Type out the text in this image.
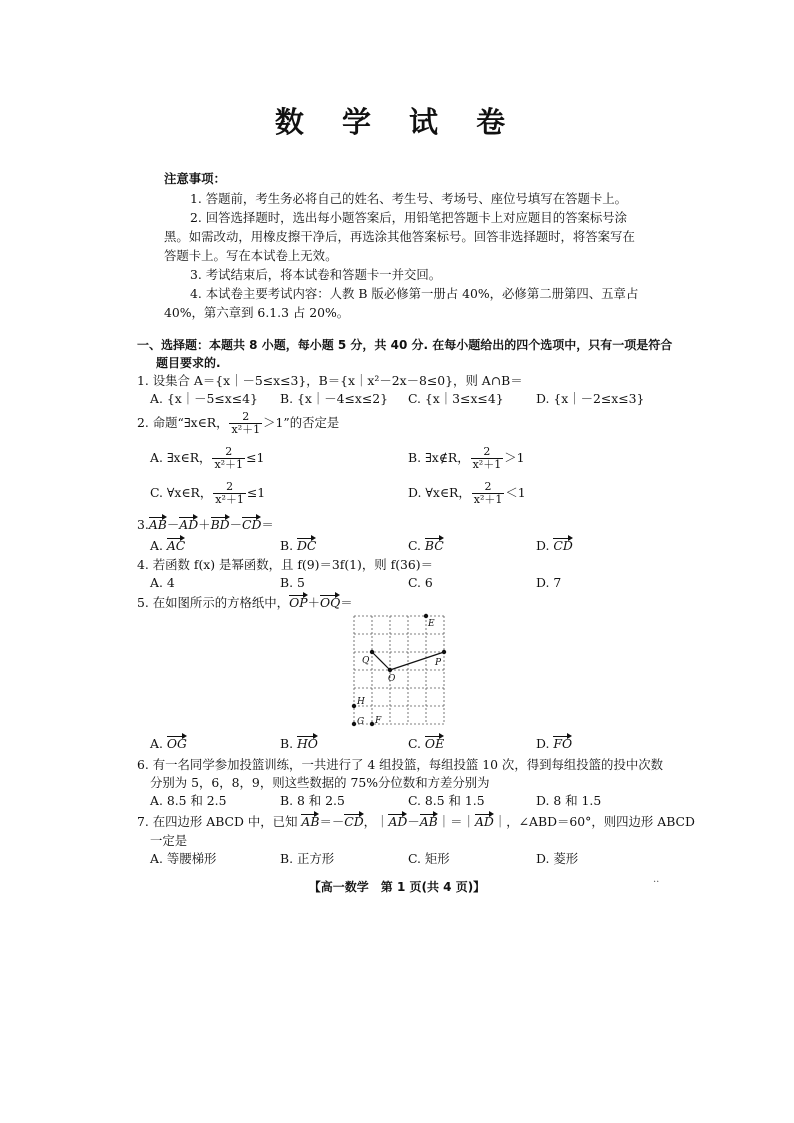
数 学 试 卷
注意事项：
1. 答题前，考生务必将自己的姓名、考生号、考场号、座位号填写在答题卡上。
2. 回答选择题时，选出每小题答案后，用铅笔把答题卡上对应题目的答案标号涂
黑。如需改动，用橡皮擦干净后，再选涂其他答案标号。回答非选择题时，将答案写在
答题卡上。写在本试卷上无效。
3. 考试结束后，将本试卷和答题卡一并交回。
4. 本试卷主要考试内容：人教 B 版必修第一册占 40%，必修第二册第四、五章占
40%，第六章到 6.1.3 占 20%。
一、选择题：本题共 8 小题，每小题 5 分，共 40 分. 在每小题给出的四个选项中，只有一项是符合
题目要求的.
1. 设集合 A＝{x｜－5≤x≤3}，B＝{x｜x²－2x－8≤0}，则 A∩B＝
A. {x｜－5≤x≤4} B. {x｜－4≤x≤2} C. {x｜3≤x≤4}	D. {x｜－2≤x≤3}
2. 命题“∃x∈R， $\frac{2}{\text{x²＋1}} >1$”的否定是
A. ∃x∈R， $\frac{2}{\text{x²＋1}} \le 1$	B. ∃x∉R， $\frac{2}{\text{x²＋1}} >1$
C. ∀x∈R， $\frac{2}{\text{x²＋1}} \le 1$	D. ∀x∈R， $\frac{2}{\text{x²＋1}} <1$
3.AB－AD＋BD－CD＝
A. AC	B. DC	C. BC	D. CD
4. 若函数 f(x) 是幂函数，且 f(9)＝3f(1)，则 f(36)＝
A. 4	B. 5	C. 6	D. 7
5. 在如图所示的方格纸中，OP＋OQ＝
E
Q	P
O
H
G F
A. OG	B. HO	C. OE	D. FO
6. 有一名同学参加投篮训练，一共进行了 4 组投篮，每组投篮 10 次，得到每组投篮的投中次数
分别为 5，6，8，9，则这些数据的 75%分位数和方差分别为
A. 8.5 和 2.5	B. 8 和 2.5	C. 8.5 和 1.5	D. 8 和 1.5
7. 在四边形 ABCD 中，已知 AB＝－CD，｜AD－AB｜＝｜AD｜，∠ABD＝60°，则四边形 ABCD
一定是
A. 等腰梯形	B. 正方形	C. 矩形	D. 菱形
【高一数学　第 1 页(共 4 页)】
..
